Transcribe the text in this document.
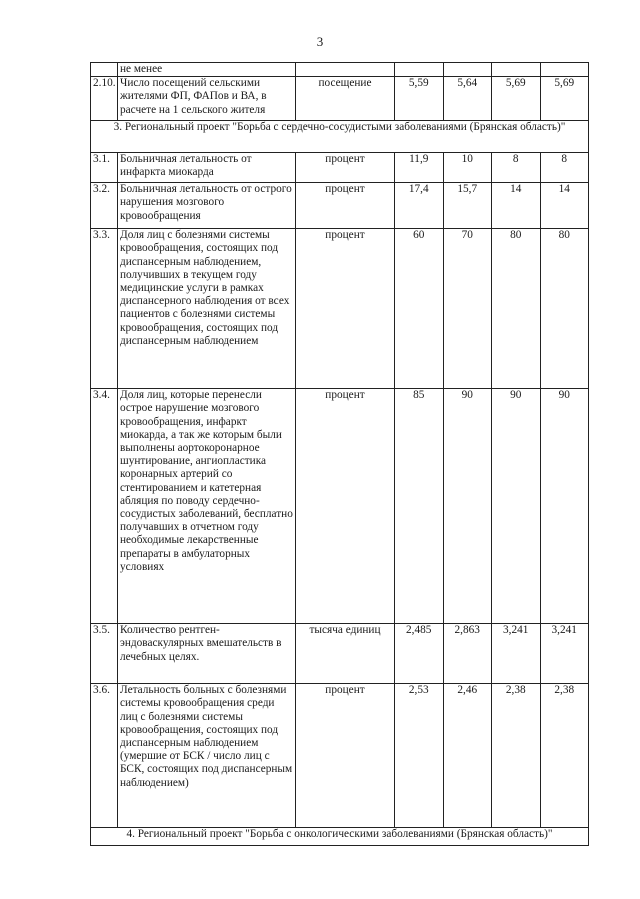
3
	не менее					
2.10.	Число посещений сельскими жителями ФП, ФАПов и ВА, в расчете на 1 сельского жителя	посещение	5,59	5,64	5,69	5,69
3. Региональный проект "Борьба с сердечно-сосудистыми заболеваниями (Брянская область)"						
3.1.	Больничная летальность от инфаркта миокарда	процент	11,9	10	8	8
3.2.	Больничная летальность от острого нарушения мозгового кровообращения	процент	17,4	15,7	14	14
3.3.	Доля лиц с болезнями системы кровообращения, состоящих под диспансерным наблюдением, получивших в текущем году медицинские услуги в рамках диспансерного наблюдения от всех пациентов с болезнями системы кровообращения, состоящих под диспансерным наблюдением	процент	60	70	80	80
3.4.	Доля лиц, которые перенесли острое нарушение мозгового кровообращения, инфаркт миокарда, а так же которым были выполнены аортокоронарное шунтирование, ангиопластика коронарных артерий со стентированием и катетерная абляция по поводу сердечно-сосудистых заболеваний, бесплатно получавших в отчетном году необходимые лекарственные препараты в амбулаторных условиях	процент	85	90	90	90
3.5.	Количество рентген-эндоваскулярных вмешательств в лечебных целях.	тысяча единиц	2,485	2,863	3,241	3,241
3.6.	Летальность больных с болезнями системы кровообращения среди лиц с болезнями системы кровообращения, состоящих под диспансерным наблюдением (умершие от БСК / число лиц с БСК, состоящих под диспансерным наблюдением)	процент	2,53	2,46	2,38	2,38
4. Региональный проект "Борьба с онкологическими заболеваниями (Брянская область)"						
